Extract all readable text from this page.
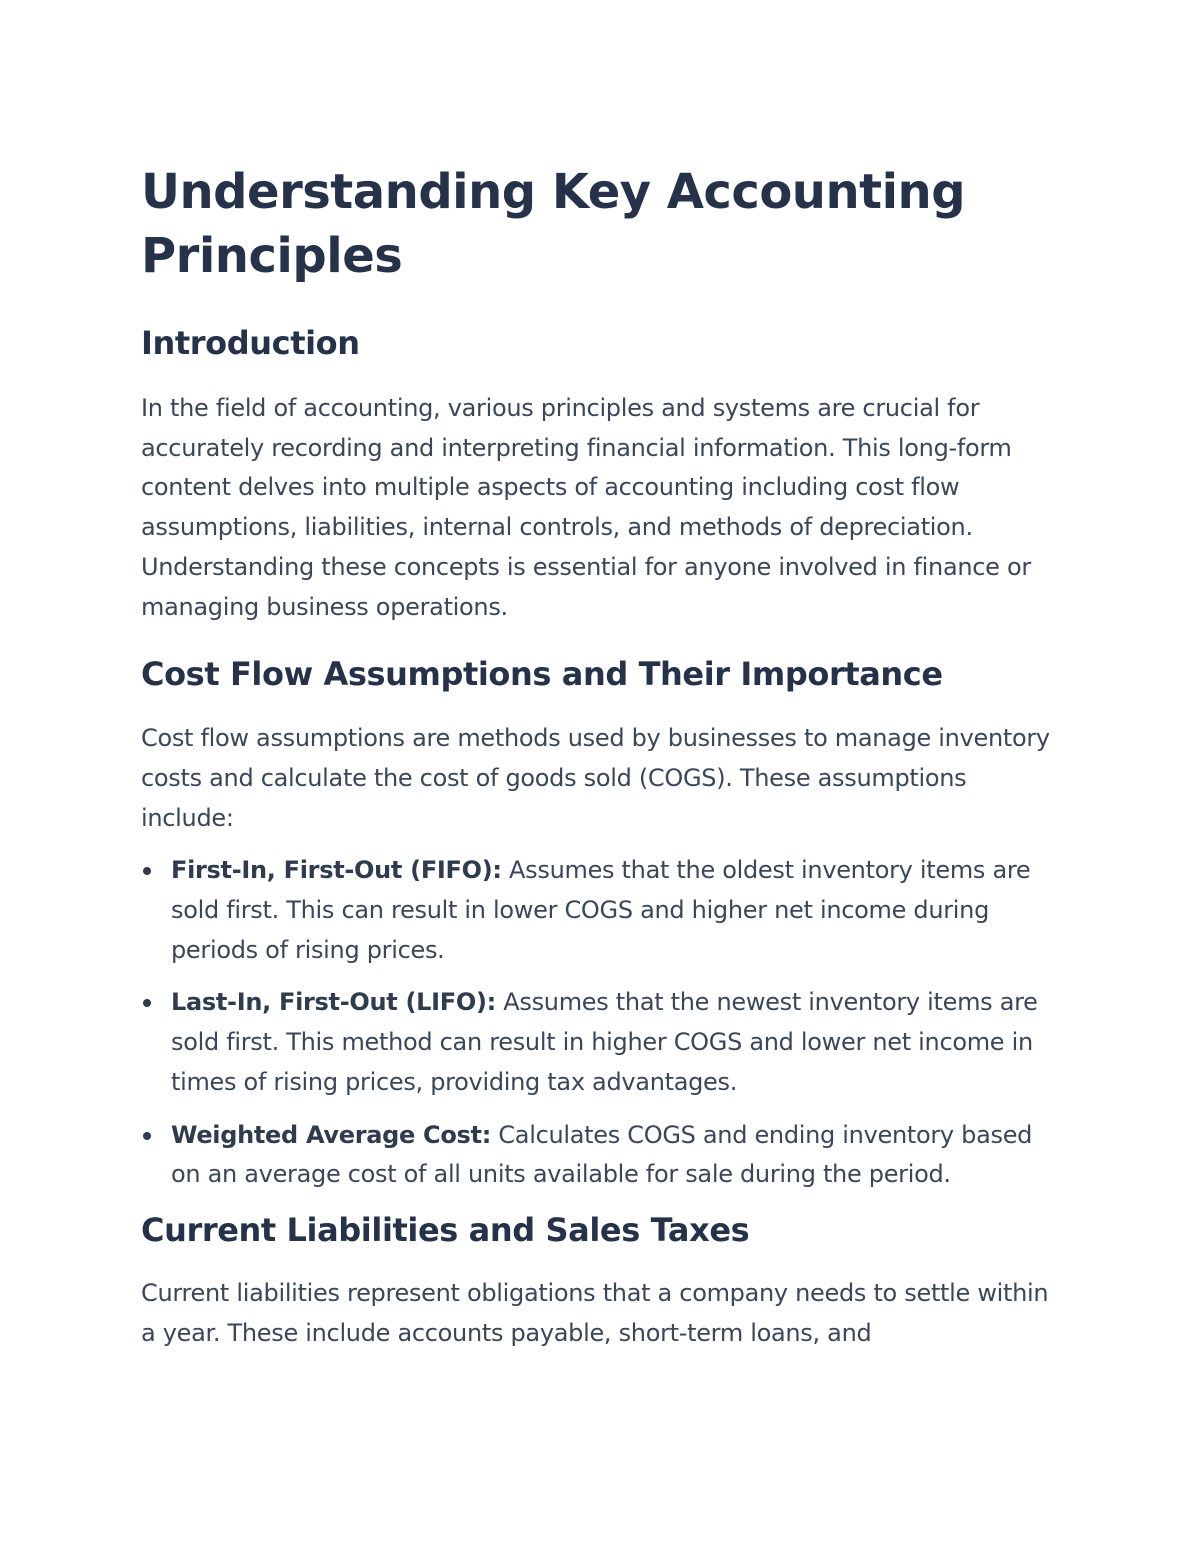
Understanding Key Accounting Principles
Introduction

In the field of accounting, various principles and systems are crucial for accurately recording and interpreting financial information. This long-form content delves into multiple aspects of accounting including cost flow assumptions, liabilities, internal controls, and methods of depreciation. Understanding these concepts is essential for anyone involved in finance or managing business operations.

Cost Flow Assumptions and Their Importance

Cost flow assumptions are methods used by businesses to manage inventory costs and calculate the cost of goods sold (COGS). These assumptions include:

First-In, First-Out (FIFO): Assumes that the oldest inventory items are sold first. This can result in lower COGS and higher net income during periods of rising prices.
Last-In, First-Out (LIFO): Assumes that the newest inventory items are sold first. This method can result in higher COGS and lower net income in times of rising prices, providing tax advantages.
Weighted Average Cost: Calculates COGS and ending inventory based on an average cost of all units available for sale during the period.
Current Liabilities and Sales Taxes

Current liabilities represent obligations that a company needs to settle within a year. These include accounts payable, short-term loans, and
